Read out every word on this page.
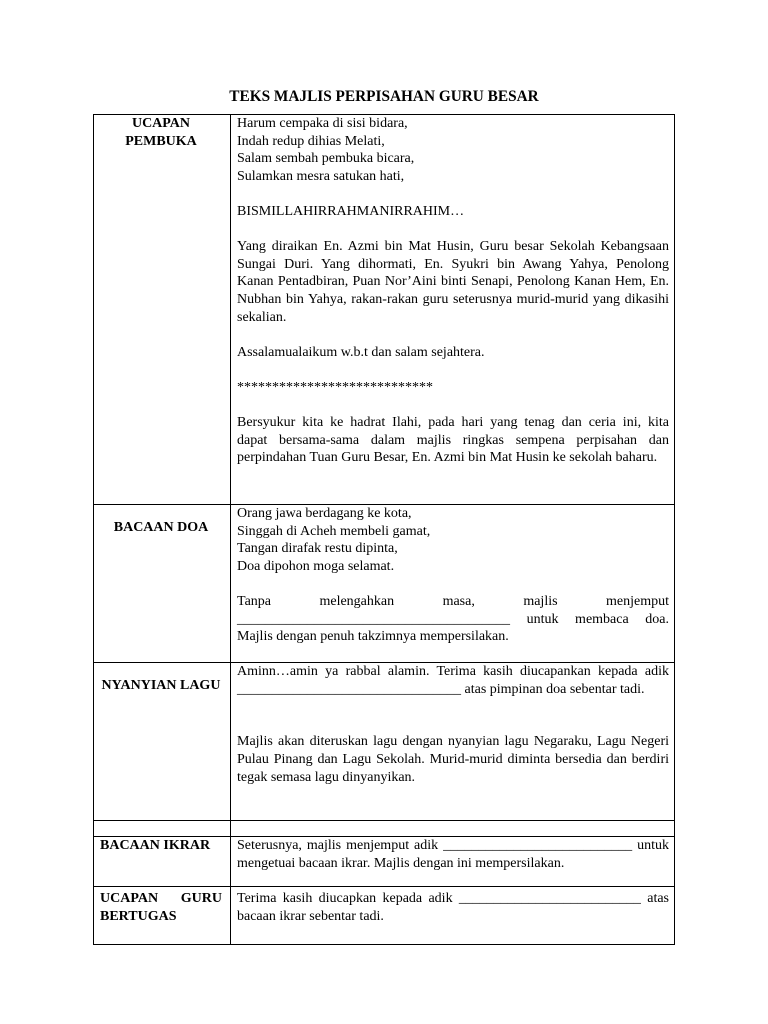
TEKS MAJLIS PERPISAHAN GURU BESAR
UCAPAN
PEMBUKA
Harum cempaka di sisi bidara,
Indah redup dihias Melati,
Salam sembah pembuka bicara,
Sulamkan mesra satukan hati,
BISMILLAHIRRAHMANIRRAHIM…
Yang diraikan En. Azmi bin Mat Husin, Guru besar Sekolah Kebangsaan
Sungai Duri. Yang dihormati, En. Syukri bin Awang Yahya, Penolong
Kanan Pentadbiran, Puan Nor’Aini binti Senapi, Penolong Kanan Hem, En.
Nubhan bin Yahya, rakan-rakan guru seterusnya murid-murid yang dikasihi
sekalian.
Assalamualaikum w.b.t dan salam sejahtera.
****************************
Bersyukur kita ke hadrat Ilahi, pada hari yang tenag dan ceria ini, kita
dapat bersama-sama dalam majlis ringkas sempena perpisahan dan
perpindahan Tuan Guru Besar, En. Azmi bin Mat Husin ke sekolah baharu.
BACAAN DOA
Orang jawa berdagang ke kota,
Singgah di Acheh membeli gamat,
Tangan dirafak restu dipinta,
Doa dipohon moga selamat.
Tanpa melengahkan masa, majlis menjemput
_______________________________________ untuk membaca doa.
Majlis dengan penuh takzimnya mempersilakan.
NYANYIAN LAGU
Aminn…amin ya rabbal alamin. Terima kasih diucapankan kepada adik
________________________________ atas pimpinan doa sebentar tadi.
Majlis akan diteruskan lagu dengan nyanyian lagu Negaraku, Lagu Negeri
Pulau Pinang dan Lagu Sekolah. Murid-murid diminta bersedia dan berdiri
tegak semasa lagu dinyanyikan.
BACAAN IKRAR	Seterusnya, majlis menjemput adik ___________________________ untuk
mengetuai bacaan ikrar. Majlis dengan ini mempersilakan.
UCAPAN GURU
BERTUGAS
Terima kasih diucapkan kepada adik __________________________ atas
bacaan ikrar sebentar tadi.
